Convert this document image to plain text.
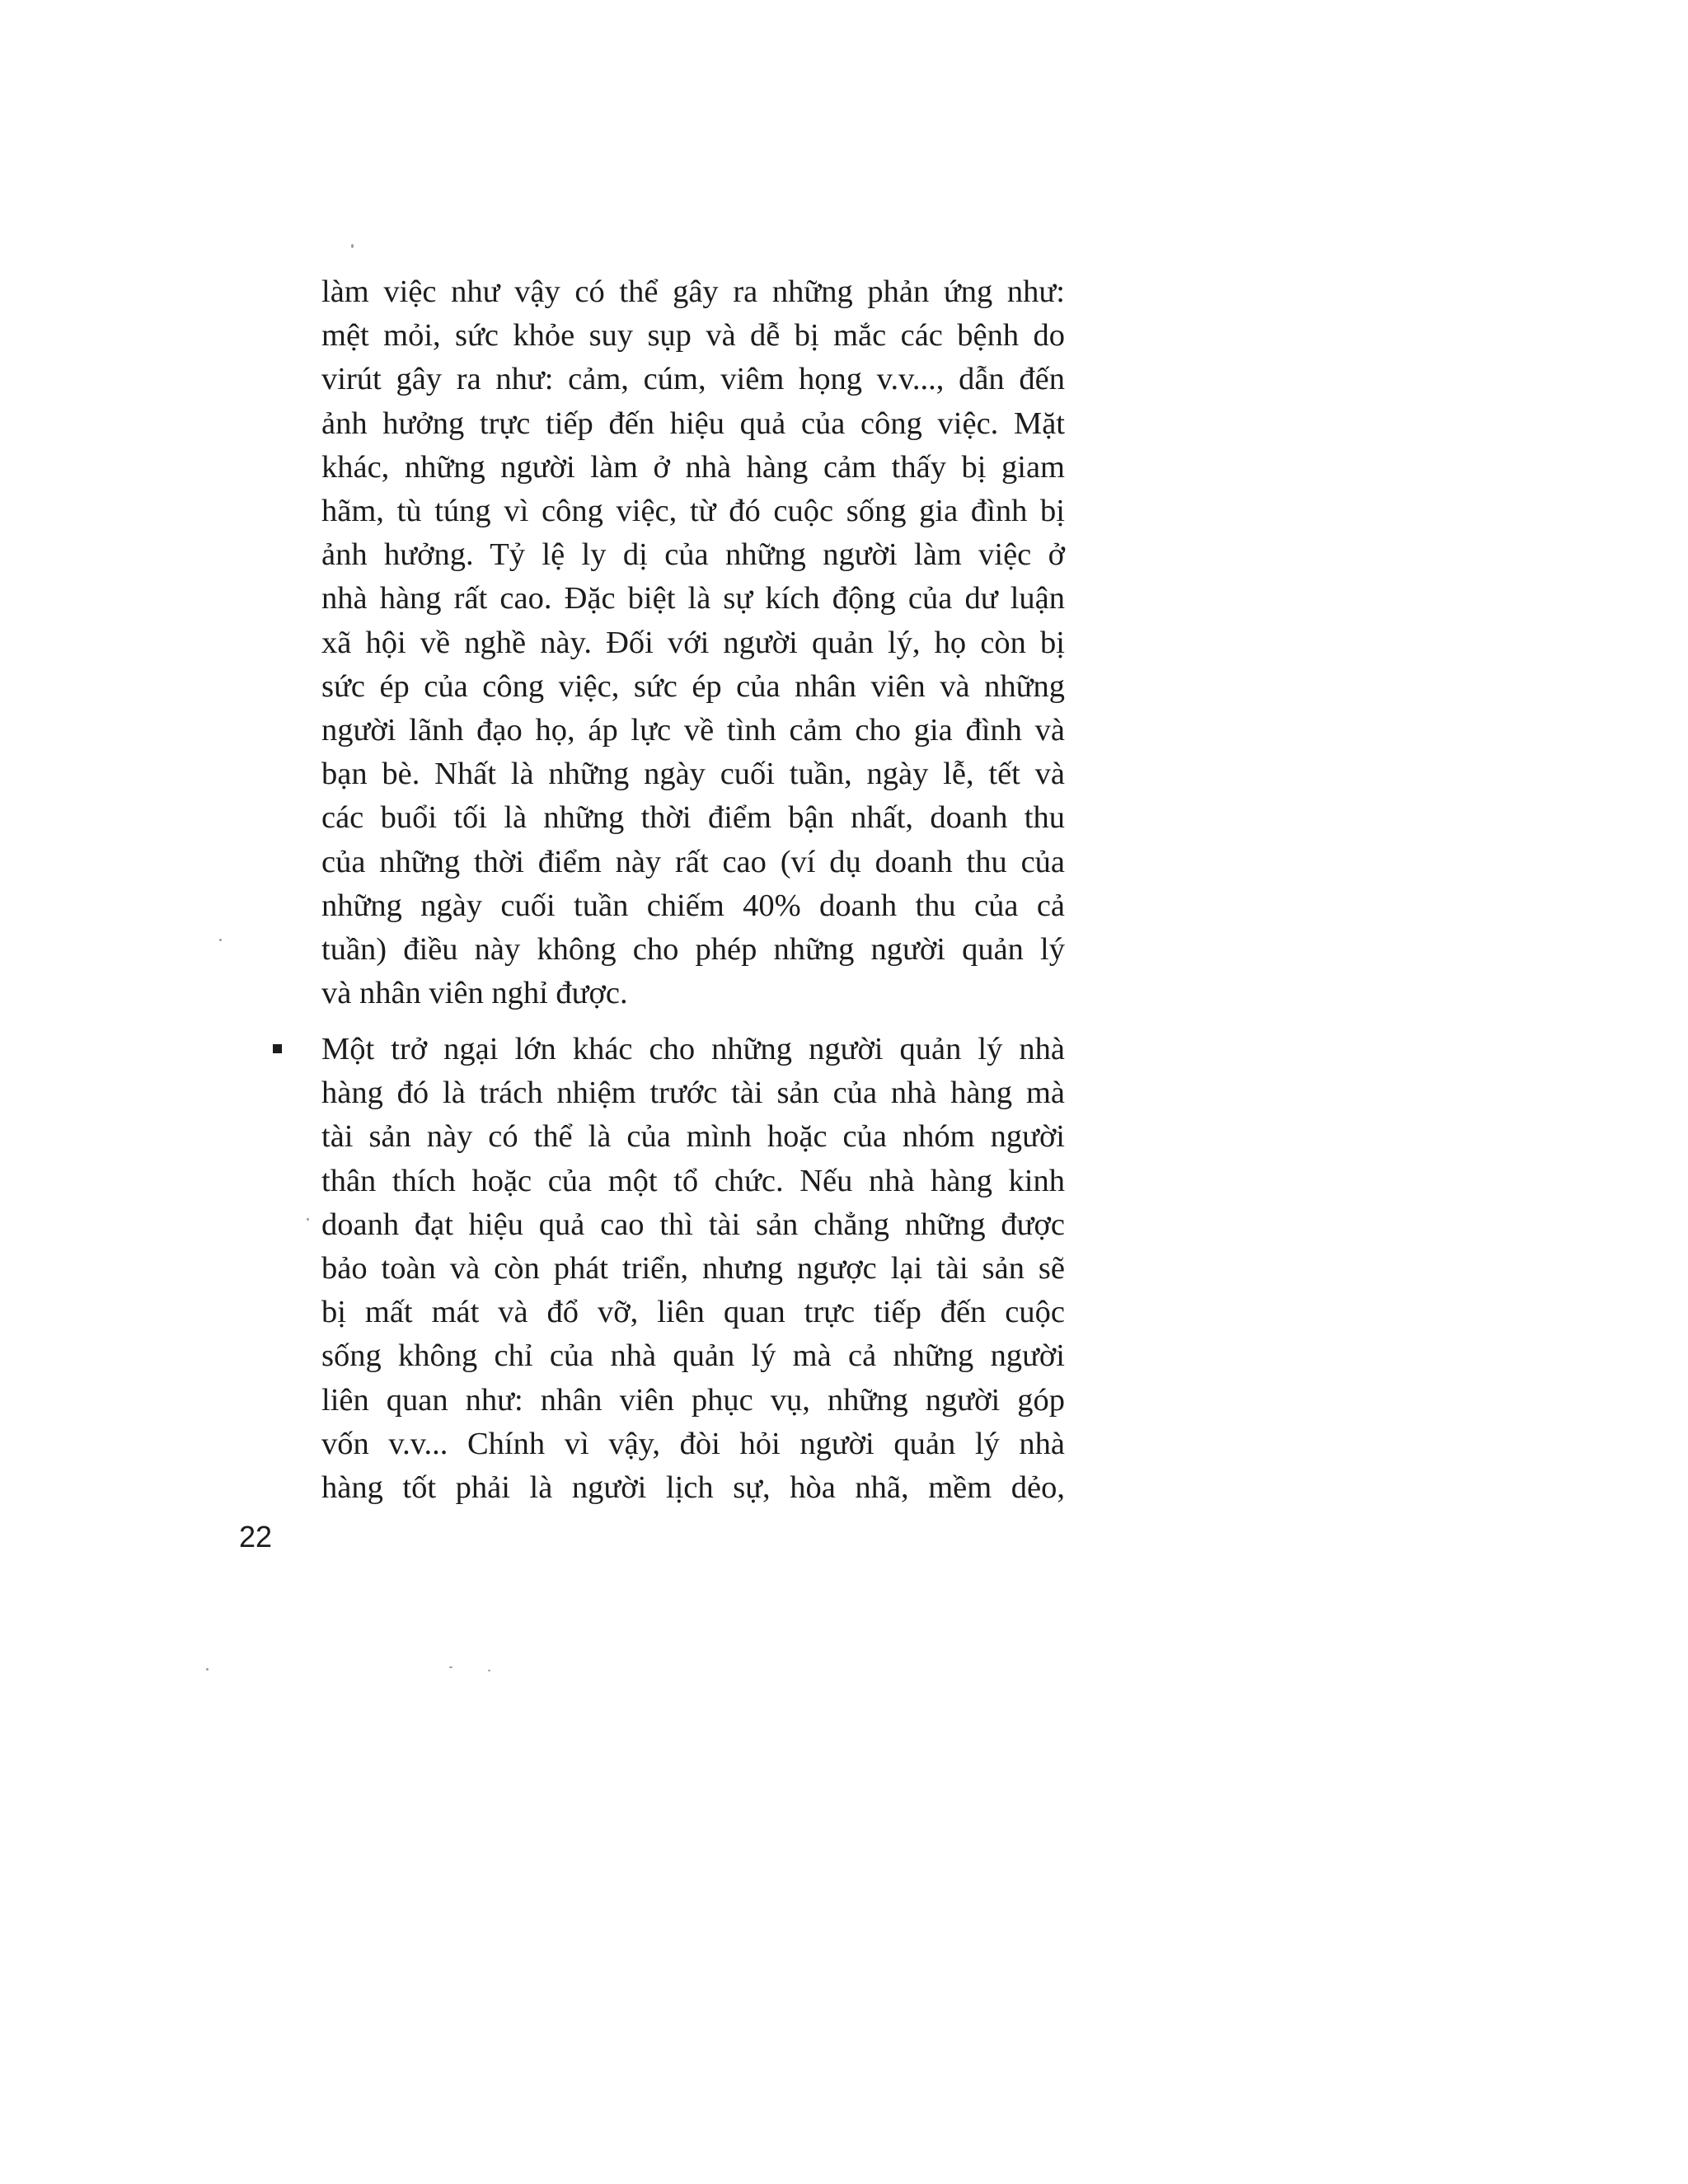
làm việc như vậy có thể gây ra những phản ứng như:
mệt mỏi, sức khỏe suy sụp và dễ bị mắc các bệnh do
virút gây ra như: cảm, cúm, viêm họng v.v..., dẫn đến
ảnh hưởng trực tiếp đến hiệu quả của công việc. Mặt
khác, những người làm ở nhà hàng cảm thấy bị giam
hãm, tù túng vì công việc, từ đó cuộc sống gia đình bị
ảnh hưởng. Tỷ lệ ly dị của những người làm việc ở
nhà hàng rất cao. Đặc biệt là sự kích động của dư luận
xã hội về nghề này. Đối với người quản lý, họ còn bị
sức ép của công việc, sức ép của nhân viên và những
người lãnh đạo họ, áp lực về tình cảm cho gia đình và
bạn bè. Nhất là những ngày cuối tuần, ngày lễ, tết và
các buổi tối là những thời điểm bận nhất, doanh thu
của những thời điểm này rất cao (ví dụ doanh thu của
những ngày cuối tuần chiếm 40% doanh thu của cả
tuần) điều này không cho phép những người quản lý
và nhân viên nghỉ được.
Một trở ngại lớn khác cho những người quản lý nhà
hàng đó là trách nhiệm trước tài sản của nhà hàng mà
tài sản này có thể là của mình hoặc của nhóm người
thân thích hoặc của một tổ chức. Nếu nhà hàng kinh
doanh đạt hiệu quả cao thì tài sản chẳng những được
bảo toàn và còn phát triển, nhưng ngược lại tài sản sẽ
bị mất mát và đổ vỡ, liên quan trực tiếp đến cuộc
sống không chỉ của nhà quản lý mà cả những người
liên quan như: nhân viên phục vụ, những người góp
vốn v.v... Chính vì vậy, đòi hỏi người quản lý nhà
hàng tốt phải là người lịch sự, hòa nhã, mềm dẻo,
22
